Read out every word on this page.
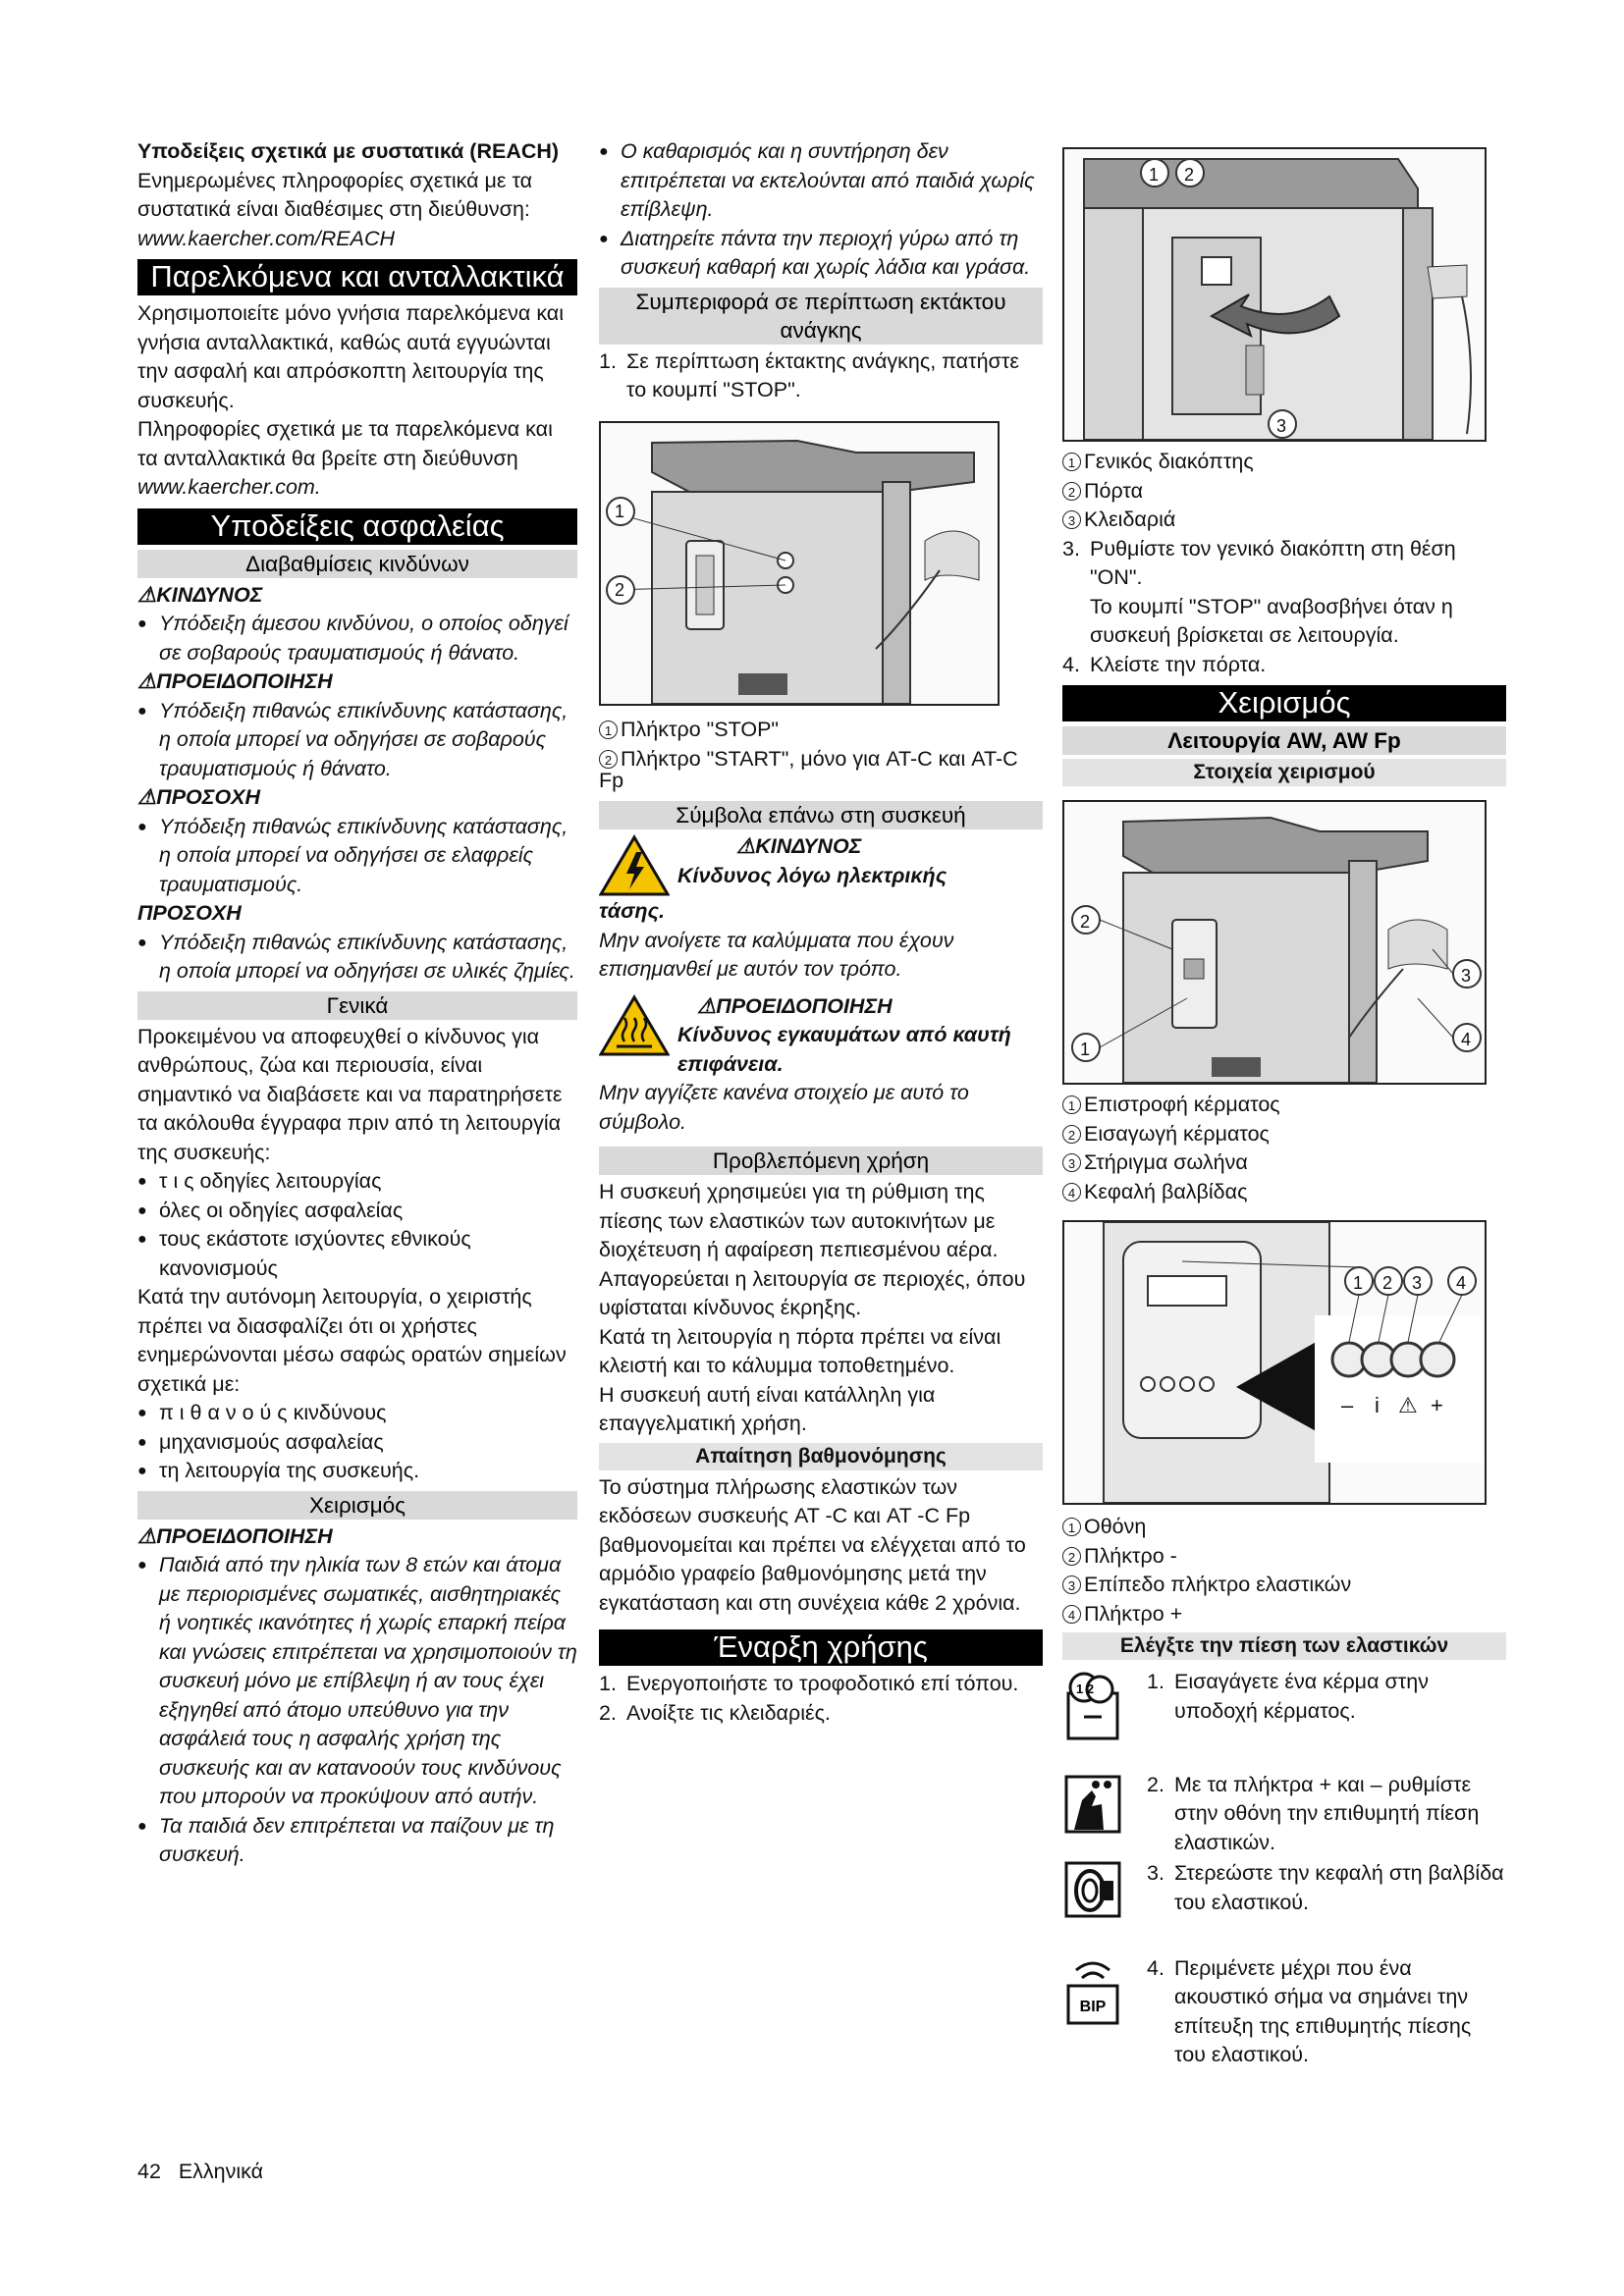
Υποδείξεις σχετικά με συστατικά (REACH)

Ενημερωμένες πληροφορίες σχετικά με τα συστατικά είναι διαθέσιμες στη διεύθυνση:

www.kaercher.com/REACH

Παρελκόμενα και ανταλλακτικά

Χρησιμοποιείτε μόνο γνήσια παρελκόμενα και γνήσια ανταλλακτικά, καθώς αυτά εγγυώνται την ασφαλή και απρόσκοπτη λειτουργία της συσκευής.

Πληροφορίες σχετικά με τα παρελκόμενα και τα ανταλλακτικά θα βρείτε στη διεύθυνση www.kaercher.com.

Υποδείξεις ασφαλείας
Διαβαθμίσεις κινδύνων

⚠ΚΙΝΔΥΝΟΣ

● Υπόδειξη άμεσου κινδύνου, ο οποίος οδηγεί σε σοβαρούς τραυματισμούς ή θάνατο.

⚠ΠΡΟΕΙΔΟΠΟΙΗΣΗ

● Υπόδειξη πιθανώς επικίνδυνης κατάστασης, η οποία μπορεί να οδηγήσει σε σοβαρούς τραυματισμούς ή θάνατο.

⚠ΠΡΟΣΟΧΗ

● Υπόδειξη πιθανώς επικίνδυνης κατάστασης, η οποία μπορεί να οδηγήσει σε ελαφρείς τραυματισμούς.

ΠΡΟΣΟΧΗ

● Υπόδειξη πιθανώς επικίνδυνης κατάστασης, η οποία μπορεί να οδηγήσει σε υλικές ζημίες.

Γενικά

Προκειμένου να αποφευχθεί ο κίνδυνος για ανθρώπους, ζώα και περιουσία, είναι σημαντικό να διαβάσετε και να παρατηρήσετε τα ακόλουθα έγγραφα πριν από τη λειτουργία της συσκευής:

● τ ι ς οδηγίες λειτουργίας

● όλες οι οδηγίες ασφαλείας

● τους εκάστοτε ισχύοντες εθνικούς κανονισμούς

Κατά την αυτόνομη λειτουργία, ο χειριστής πρέπει να διασφαλίζει ότι οι χρήστες ενημερώνονται μέσω σαφώς ορατών σημείων σχετικά με:

● π ι θ α ν ο ύ ς κινδύνους

● μηχανισμούς ασφαλείας

● τη λειτουργία της συσκευής.

Χειρισμός

⚠ΠΡΟΕΙΔΟΠΟΙΗΣΗ

● Παιδιά από την ηλικία των 8 ετών και άτομα με περιορισμένες σωματικές, αισθητηριακές ή νοητικές ικανότητες ή χωρίς επαρκή πείρα και γνώσεις επιτρέπεται να χρησιμοποιούν τη συσκευή μόνο με επίβλεψη ή αν τους έχει εξηγηθεί από άτομο υπεύθυνο για την ασφάλειά τους η ασφαλής χρήση της συσκευής και αν κατανοούν τους κινδύνους που μπορούν να προκύψουν από αυτήν.

● Τα παιδιά δεν επιτρέπεται να παίζουν με τη συσκευή.

● Ο καθαρισμός και η συντήρηση δεν επιτρέπεται να εκτελούνται από παιδιά χωρίς επίβλεψη.

● Διατηρείτε πάντα την περιοχή γύρω από τη συσκευή καθαρή και χωρίς λάδια και γράσα.

Συμπεριφορά σε περίπτωση εκτάκτου ανάγκης
1. Σε περίπτωση έκτακτης ανάγκης, πατήστε το κουμπί "STOP".
1
2

1 Πλήκτρο "STOP"

2 Πλήκτρο "START", μόνο για AT-C και AT-C Fp

Σύμβολα επάνω στη συσκευή

⚠ΚΙΝΔΥΝΟΣ

Κίνδυνος λόγω ηλεκτρικής

τάσης.

Μην ανοίγετε τα καλύμματα που έχουν επισημανθεί με αυτόν τον τρόπο.

⚠ΠΡΟΕΙΔΟΠΟΙΗΣΗ

Κίνδυνος εγκαυμάτων από καυτή επιφάνεια.

Μην αγγίζετε κανένα στοιχείο με αυτό το σύμβολο.

Προβλεπόμενη χρήση

Η συσκευή χρησιμεύει για τη ρύθμιση της πίεσης των ελαστικών των αυτοκινήτων με διοχέτευση ή αφαίρεση πεπιεσμένου αέρα.

Απαγορεύεται η λειτουργία σε περιοχές, όπου υφίσταται κίνδυνος έκρηξης.

Κατά τη λειτουργία η πόρτα πρέπει να είναι κλειστή και το κάλυμμα τοποθετημένο.

Η συσκευή αυτή είναι κατάλληλη για επαγγελματική χρήση.

Απαίτηση βαθμονόμησης

Το σύστημα πλήρωσης ελαστικών των εκδόσεων συσκευής AT -C και AT -C Fp βαθμονομείται και πρέπει να ελέγχεται από το αρμόδιο γραφείο βαθμονόμησης μετά την εγκατάσταση και στη συνέχεια κάθε 2 χρόνια.

Έναρξη χρήσης
1. Ενεργοποιήστε το τροφοδοτικό επί τόπου.
2. Ανοίξτε τις κλειδαριές.
1 2
3

1 Γενικός διακόπτης

2 Πόρτα

3 Κλειδαριά

3. Ρυθμίστε τον γενικό διακόπτη στη θέση "ON".

Το κουμπί "STOP" αναβοσβήνει όταν η συσκευή βρίσκεται σε λειτουργία.

4. Κλείστε την πόρτα.
Χειρισμός
Λειτουργία AW, AW Fp
Στοιχεία χειρισμού
2
1
3
4

1 Επιστροφή κέρματος

2 Εισαγωγή κέρματος

3 Στήριγμα σωλήνα

4 Κεφαλή βαλβίδας

1 2 3 4
– i ⚠ +

1 Οθόνη

2 Πλήκτρο -

3 Επίπεδο πλήκτρο ελαστικών

4 Πλήκτρο +

Ελέγξτε την πίεση των ελαστικών
1 2	1. Εισαγάγετε ένα κέρμα στην υποδοχή κέρματος.
2. Με τα πλήκτρα + και – ρυθμίστε στην οθόνη την επιθυμητή πίεση ελαστικών.
3. Στερεώστε την κεφαλή στη βαλβίδα του ελαστικού.
BIP
4. Περιμένετε μέχρι που ένα ακουστικό σήμα να σημάνει την επίτευξη της επιθυμητής πίεσης του ελαστικού.
42 Ελληνικά
